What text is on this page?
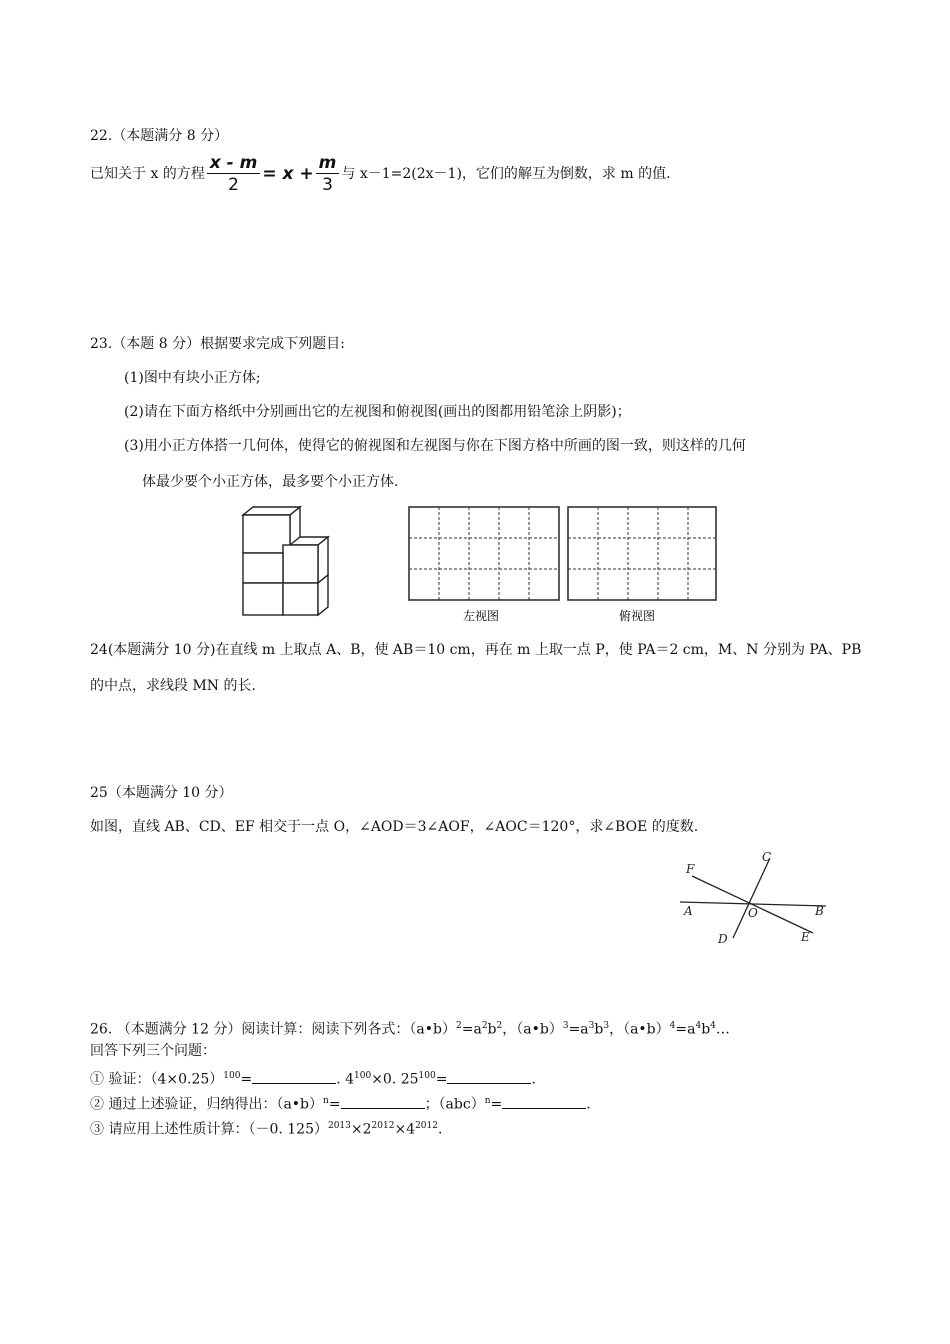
22.（本题满分 8 分）
已知关于 x 的方程 $\frac{x - m}{2} = x + \frac{m}{3}$ 与 x－1=2(2x－1)，它们的解互为倒数，求 m 的值.
23.（本题 8 分）根据要求完成下列题目:
(1)图中有块小正方体;
(2)请在下面方格纸中分别画出它的左视图和俯视图(画出的图都用铅笔涂上阴影)；
(3)用小正方体搭一几何体，使得它的俯视图和左视图与你在下图方格中所画的图一致，则这样的几何
体最少要个小正方体，最多要个小正方体.
左视图	俯视图
24(本题满分 10 分)在直线 m 上取点 A、B，使 AB＝10 cm，再在 m 上取一点 P，使 PA＝2 cm，M、N 分别为 PA、PB
的中点，求线段 MN 的长.
25（本题满分 10 分）
如图，直线 AB、CD、EF 相交于一点 O，∠AOD＝3∠AOF，∠AOC＝120°，求∠BOE 的度数.
F
C
A	O	B
D	E
26. （本题满分 12 分）阅读计算：阅读下列各式：$(a•b)^2=a^2b^2$，$(a•b)^3=a^3b^3$，$(a•b)^4=a^4b^4\dots$
回答下列三个问题：
① 验证：$(4\times 0.25)^{100}=$	. $4^{100}\times 0$. $25^{100}=$	.
② 通过上述验证，归纳得出：（a•b）$^n$=	；（abc）$^n$=	.
③ 请应用上述性质计算：（－0. $125)^{2013}\times 2^{2012}\times 4^{2012}$.
